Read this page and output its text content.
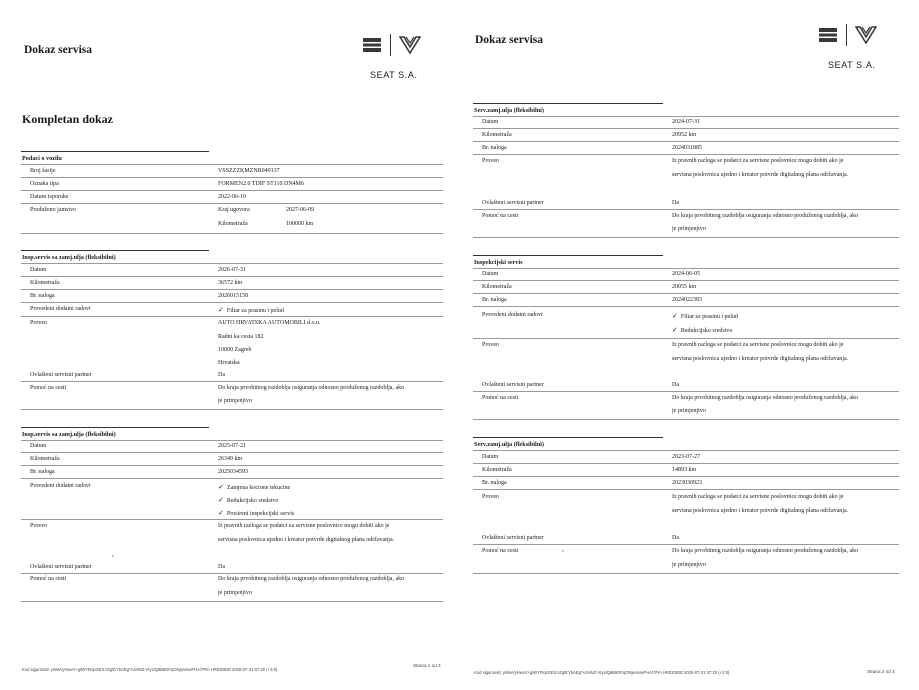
Dokaz servisa
SEAT S.A.
Kompletan dokaz
Podaci o vozilu
Broj šasije	VSSZZZKMZNR040137
Oznaka tipa	FORMEN2.0 TDIF ST110 DN4M6
Datum isporuke	2022-06-10
Produženo jamstvo	Kraj ugovora	2027-06-09
Kilometraža	100000 km
Insp.servis sa zamj.ulja (fleksibilni)
Datum	2026-07-31
Kilometraža	36572 km
Br. naloga	2026015158
Provedeni dodatni radovi	✓ Filtar za prasinu i pelud
Proveo	AUTO HRVATSKA AUTOMOBILI d.o.o.
Radni ka cesta 182
10000 Zagreb
Hrvatska
Ovlašteni servisni partner	Da
Pomoć na cesti	Do kraja prvobitnog razdoblja osiguranja odnosno produženog razdoblja, ako
je primjenjivo
Insp.servis sa zamj.ulja (fleksibilni)
Datum	2025-07-21
Kilometraža	26349 km
Br. naloga	2025034593
Provedeni dodatni radovi	✓ Zamjena kocione tekucine
✓ Redukcijsko sredstvo
✓ Prosireni inspekcijski servis
Proveo	Iz pravnih razloga se podatci za servisne poslovnice mogu dobiti ako je
servisna poslovnica ujedno i kreator potvrde digitalnog plana održavanja.
Ovlašteni servisni partner	Da
Pomoć na cesti	Do kraja prvobitnog razdoblja osiguranja odnosno produženog razdoblja, ako
je primjenjivo
Kod sigurnosti: yWwVyHwvV+gMrYRcpGEXAZg/EYbAEg*AJHNZ-VryUQ6kBOFqONjwVuwFHA/7Pm HR020530 2026-07-31 07:20 (+2:0)
Strana 1 od 3
Dokaz servisa
SEAT S.A.
Serv.zamj.ulja (fleksibilni)
Datum	2024-07-31
Kilometraža	20952 km
Br. naloga	2024031885
Proveo	Iz pravnih razloga se podatci za servisne poslovnice mogu dobiti ako je
servisna poslovnica ujedno i kreator potvrde digitalnog plana održavanja.
Ovlašteni servisni partner	Da
Pomoć na cesti	Do kraja prvobitnog razdoblja osiguranja odnosno produženog razdoblja, ako
je primjenjivo
Inspekcijski servis
Datum	2024-06-05
Kilometraža	20055 km
Br. naloga	2024022383
Provedeni dodatni radovi	✓ Filtar za prasinu i pelud
✓ Redukcijsko sredstvo
Proveo	Iz pravnih razloga se podatci za servisne poslovnice mogu dobiti ako je
servisna poslovnica ujedno i kreator potvrde digitalnog plana održavanja.
Ovlašteni servisni partner	Da
Pomoć na cesti	Do kraja prvobitnog razdoblja osiguranja odnosno produženog razdoblja, ako
je primjenjivo
Serv.zamj.ulja (fleksibilni)
Datum	2023-07-27
Kilometraža	14893 km
Br. naloga	2023030923
Proveo	Iz pravnih razloga se podatci za servisne poslovnice mogu dobiti ako je
servisna poslovnica ujedno i kreator potvrde digitalnog plana održavanja.
Ovlašteni servisni partner	Da
Pomoć na cesti	Do kraja prvobitnog razdoblja osiguranja odnosno produženog razdoblja, ako
je primjenjivo
Kod sigurnosti: yWwVyHwvV+gMrYRcpGEXAZg/EYbAEg*AJHNZ-VryUQ6kBOFqONjwVuwFHA/7Pm HR020530 2026-07-31 07:20 (+2:0)	Strana 2 od 3
